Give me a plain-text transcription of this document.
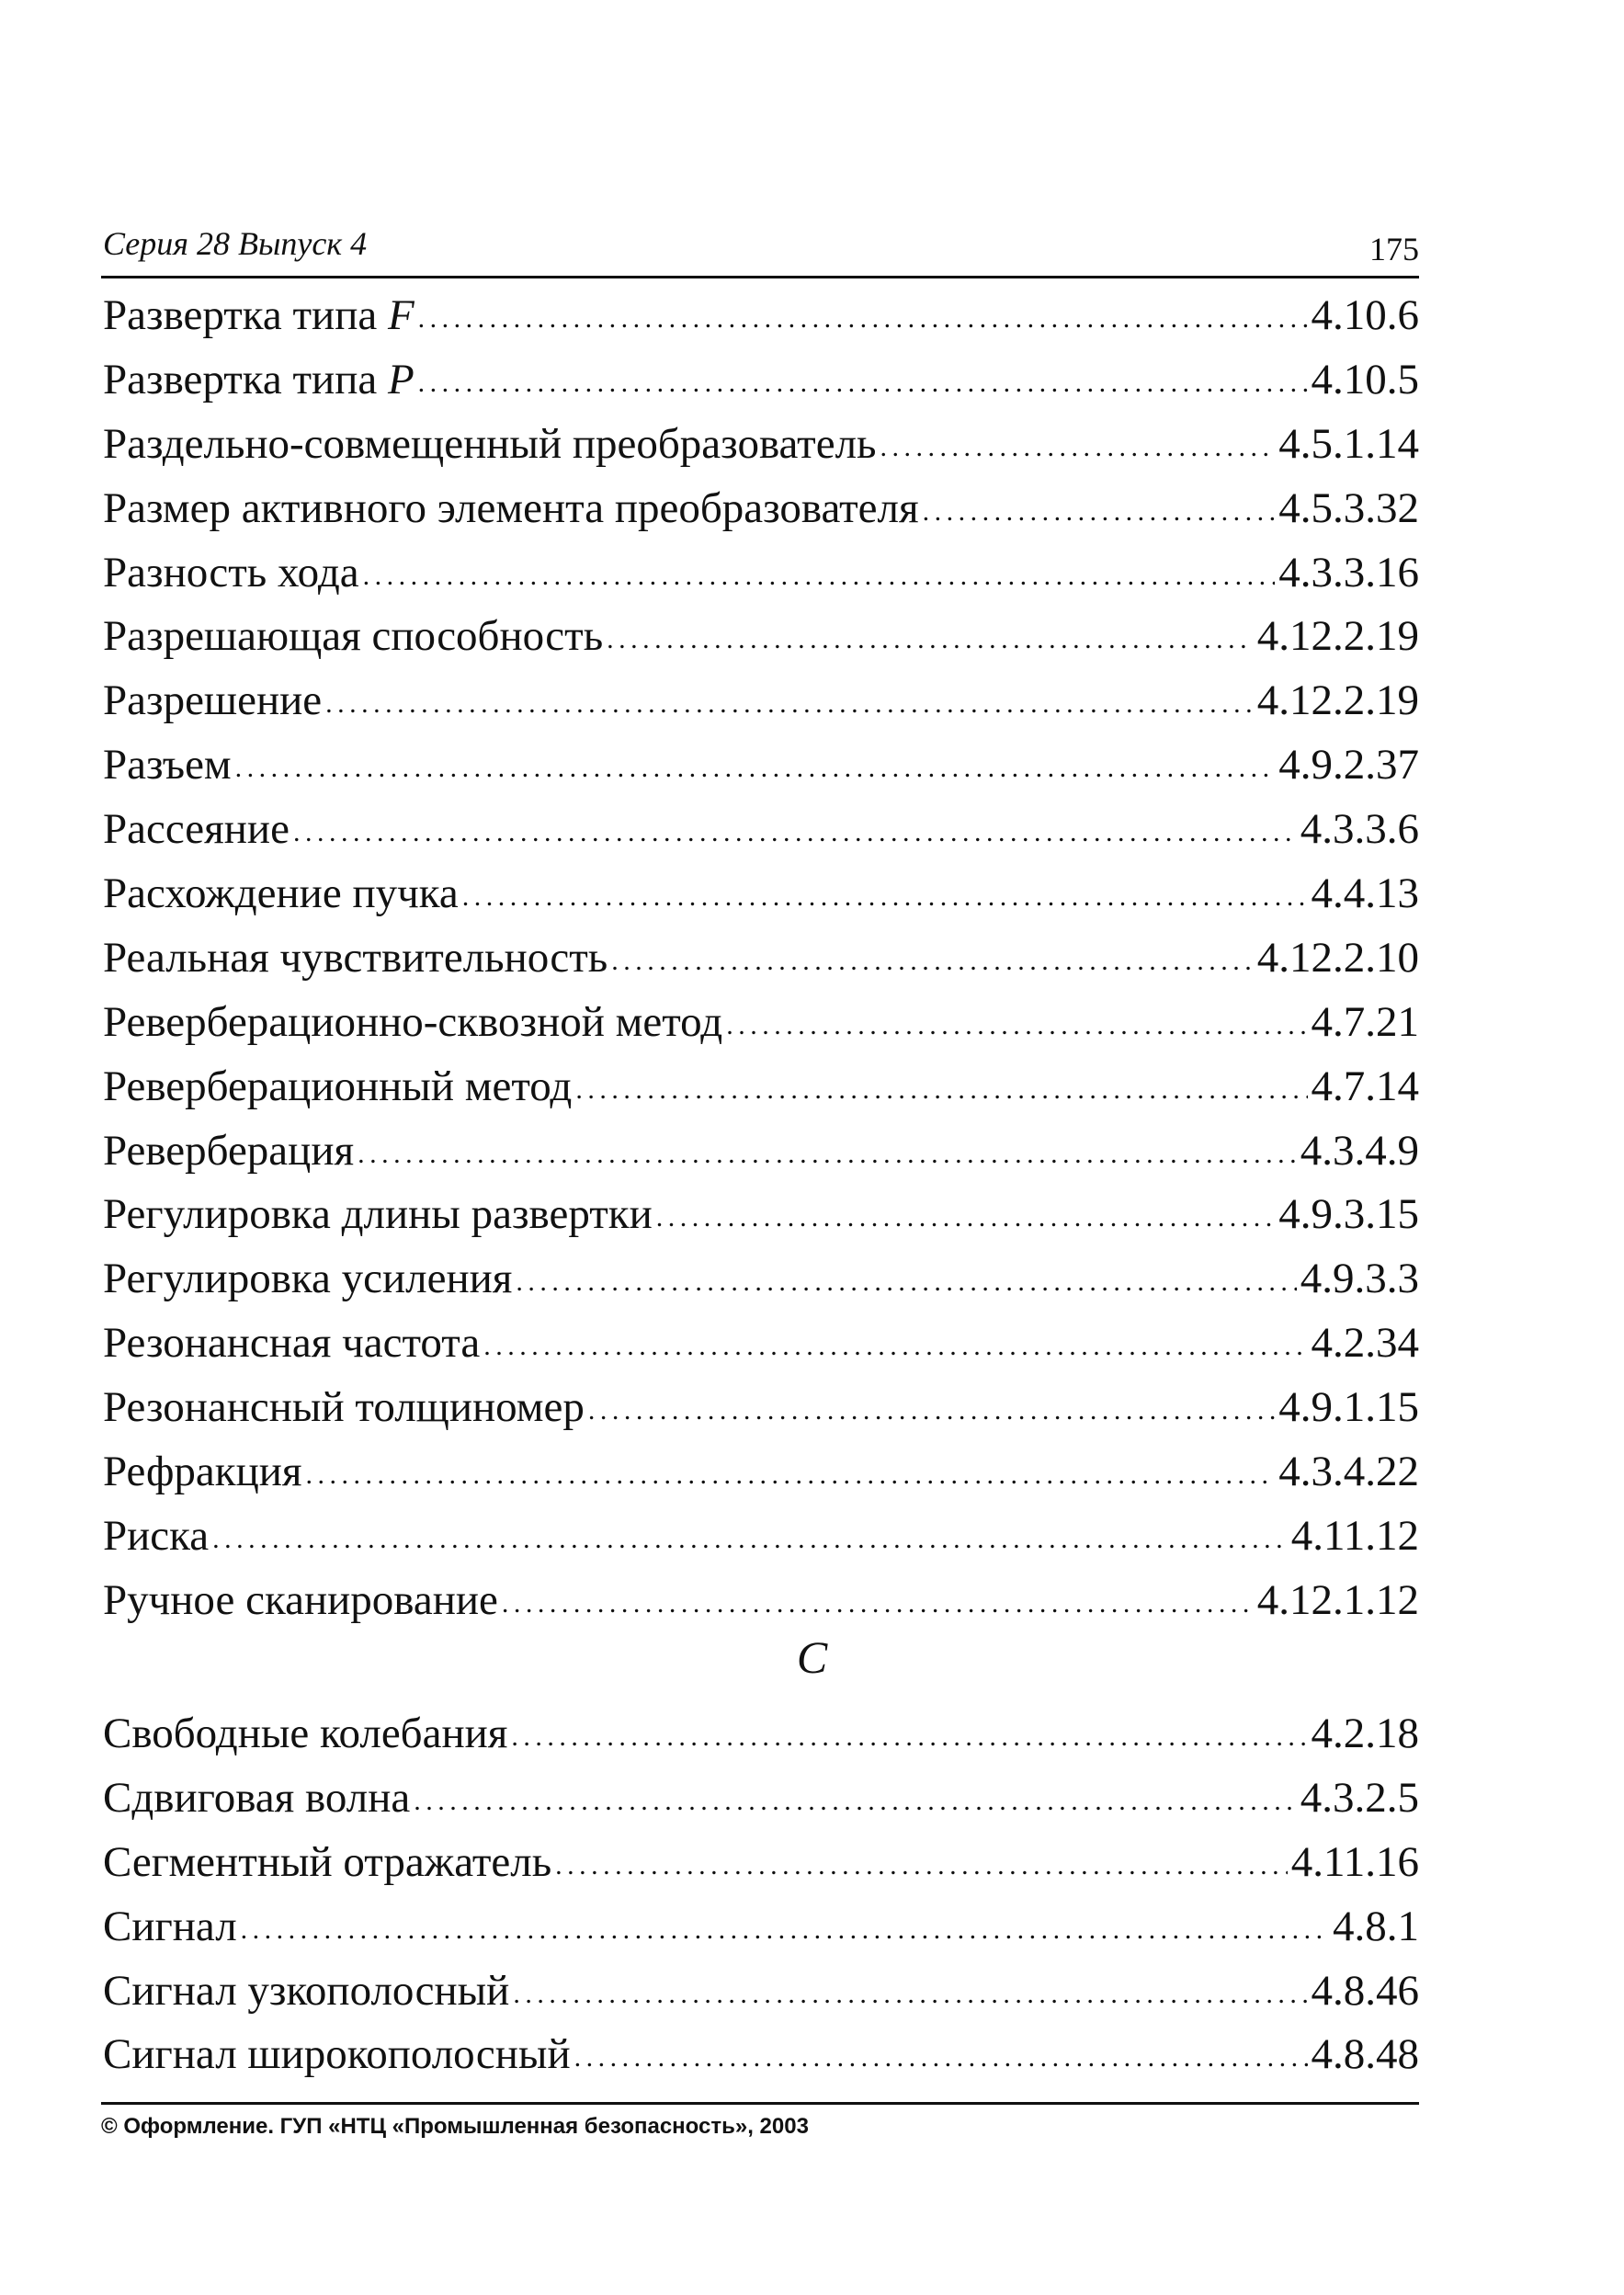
Серия 28 Выпуск 4	175
Развертка типа F . . .	4.10.6
Развертка типа P . . .	4.10.5
Раздельно-совмещенный преобразователь . . .	4.5.1.14
Размер активного элемента преобразователя . . .	4.5.3.32
Разность хода . . .	4.3.3.16
Разрешающая способность . . .	4.12.2.19
Разрешение . . .	4.12.2.19
Разъем . . .	4.9.2.37
Рассеяние . . .	4.3.3.6
Расхождение пучка . . .	4.4.13
Реальная чувствительность . . .	4.12.2.10
Реверберационно-сквозной метод . . .	4.7.21
Реверберационный метод . . .	4.7.14
Реверберация . . .	4.3.4.9
Регулировка длины развертки . . .	4.9.3.15
Регулировка усиления . . .	4.9.3.3
Резонансная частота . . .	4.2.34
Резонансный толщиномер . . .	4.9.1.15
Рефракция . . .	4.3.4.22
Риска . . .	4.11.12
Ручное сканирование . . .	4.12.1.12
С
Свободные колебания . . .	4.2.18
Сдвиговая волна . . .	4.3.2.5
Сегментный отражатель . . .	4.11.16
Сигнал . . .	4.8.1
Сигнал узкополосный . . .	4.8.46
Сигнал широкополосный . . .	4.8.48
© Оформление. ГУП «НТЦ «Промышленная безопасность», 2003
